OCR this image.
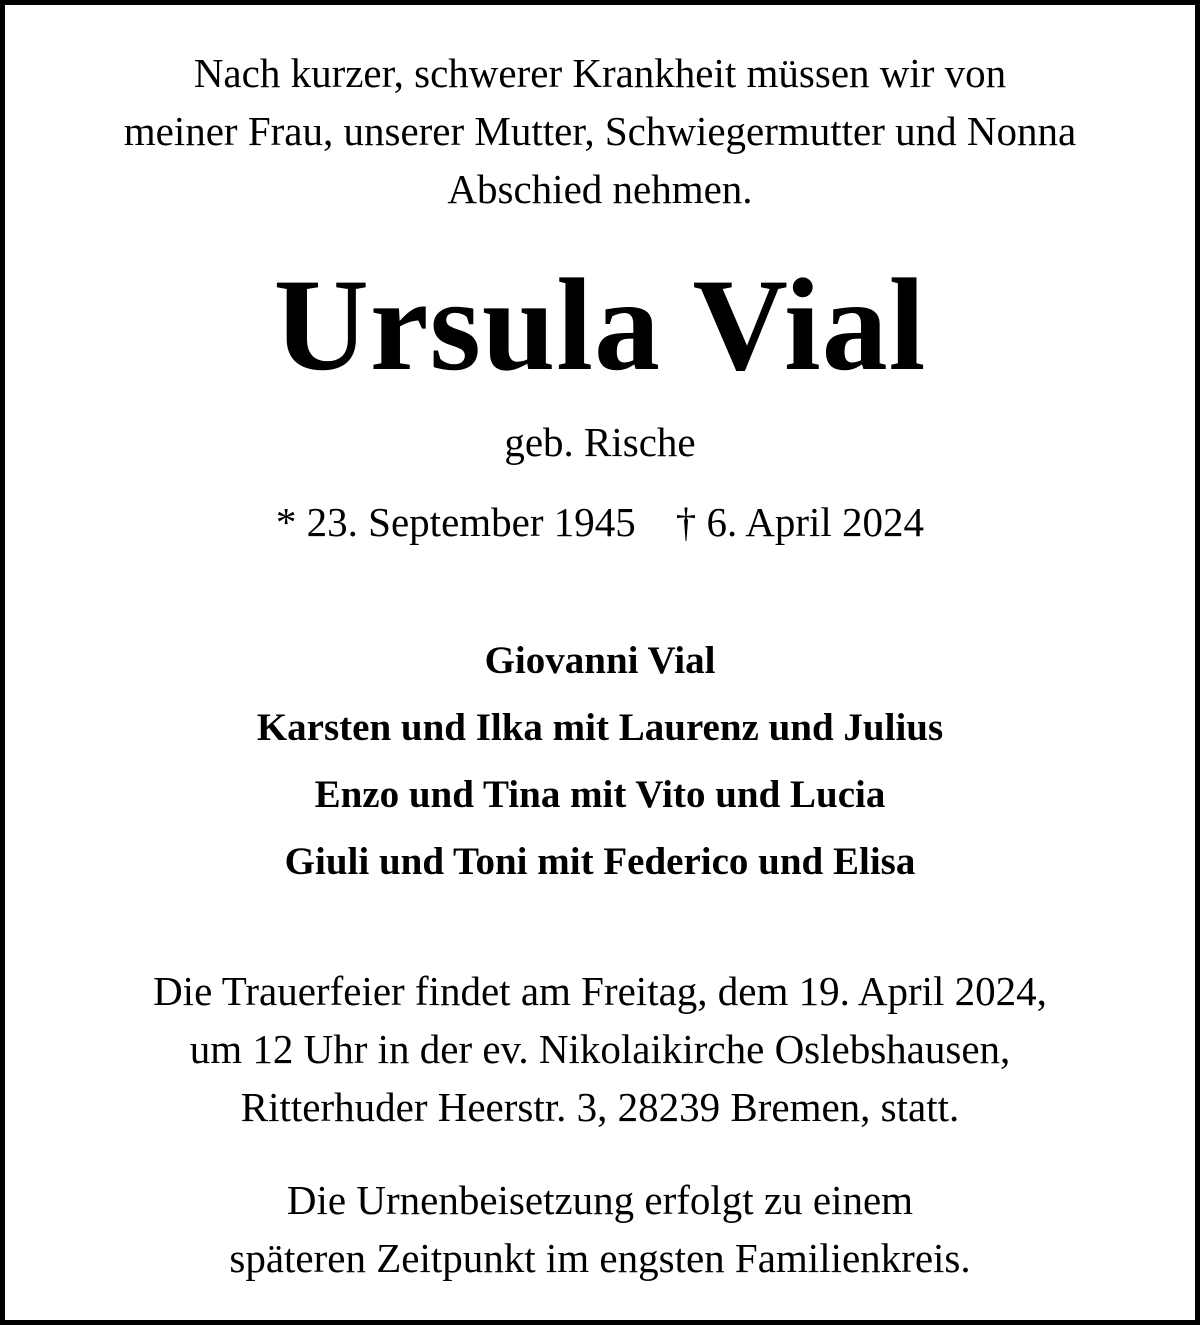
Nach kurzer, schwerer Krankheit müssen wir von
meiner Frau, unserer Mutter, Schwiegermutter und Nonna
Abschied nehmen.
Ursula Vial
geb. Rische
* 23. September 1945 † 6. April 2024
Giovanni Vial
Karsten und Ilka mit Laurenz und Julius
Enzo und Tina mit Vito und Lucia
Giuli und Toni mit Federico und Elisa
Die Trauerfeier findet am Freitag, dem 19. April 2024,
um 12 Uhr in der ev. Nikolaikirche Oslebshausen,
Ritterhuder Heerstr. 3, 28239 Bremen, statt.
Die Urnenbeisetzung erfolgt zu einem
späteren Zeitpunkt im engsten Familienkreis.
